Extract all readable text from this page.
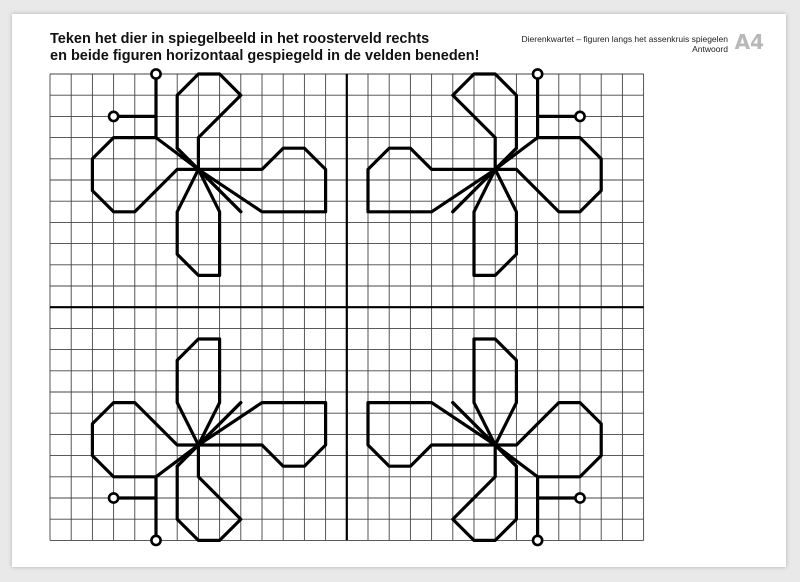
Teken het dier in spiegelbeeld in het roosterveld rechts
en beide figuren horizontaal gespiegeld in de velden beneden!

Dierenkwartet – figuren langs het assenkruis spiegelen
Antwoord A4
